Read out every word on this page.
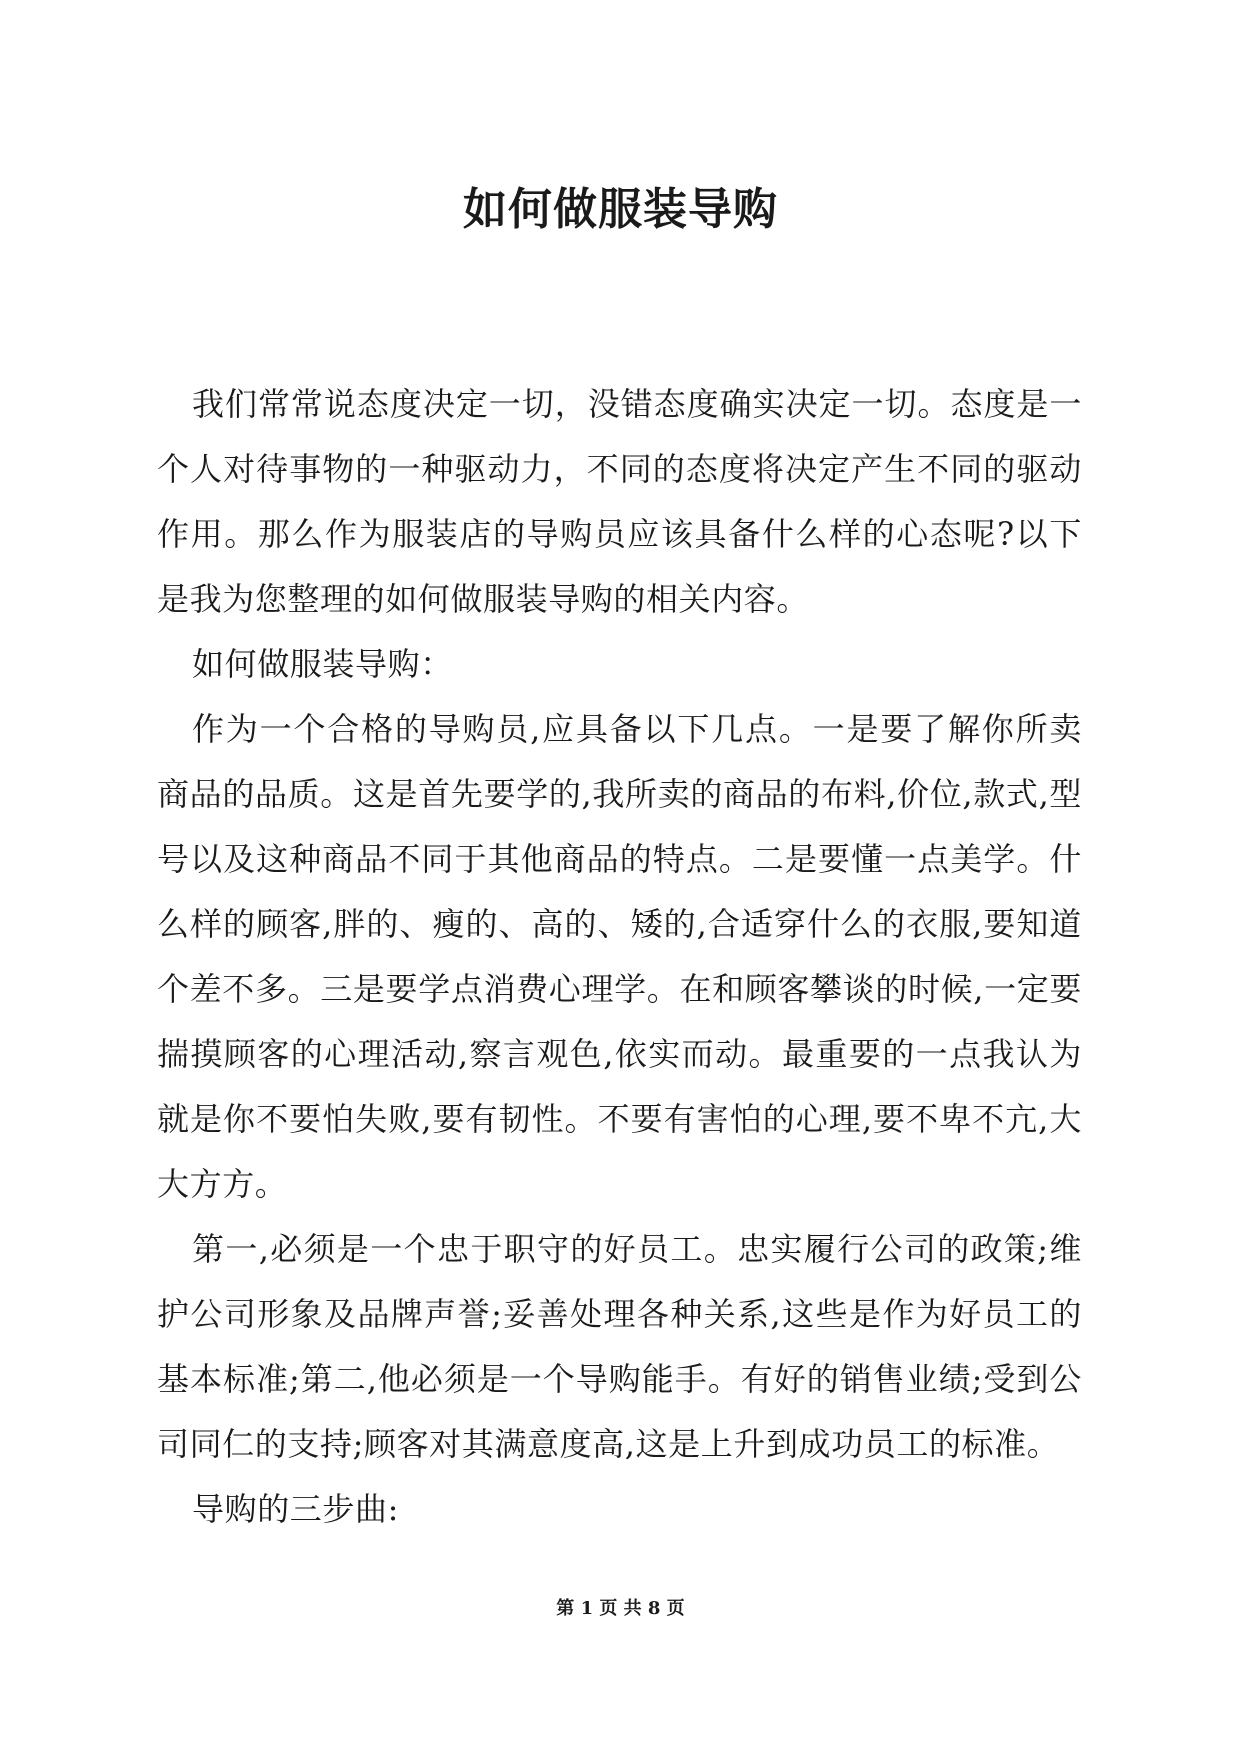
如何做服装导购

我们常常说态度决定一切，没错态度确实决定一切。态度是一个人对待事物的一种驱动力，不同的态度将决定产生不同的驱动作用。那么作为服装店的导购员应该具备什么样的心态呢?以下是我为您整理的如何做服装导购的相关内容。

如何做服装导购：

作为一个合格的导购员,应具备以下几点。一是要了解你所卖商品的品质。这是首先要学的,我所卖的商品的布料,价位,款式,型号以及这种商品不同于其他商品的特点。二是要懂一点美学。什么样的顾客,胖的、瘦的、高的、矮的,合适穿什么的衣服,要知道个差不多。三是要学点消费心理学。在和顾客攀谈的时候,一定要揣摸顾客的心理活动,察言观色,依实而动。最重要的一点我认为就是你不要怕失败,要有韧性。不要有害怕的心理,要不卑不亢,大大方方。

第一,必须是一个忠于职守的好员工。忠实履行公司的政策;维护公司形象及品牌声誉;妥善处理各种关系,这些是作为好员工的基本标准;第二,他必须是一个导购能手。有好的销售业绩;受到公司同仁的支持;顾客对其满意度高,这是上升到成功员工的标准。

导购的三步曲:

第 1 页 共 8 页
